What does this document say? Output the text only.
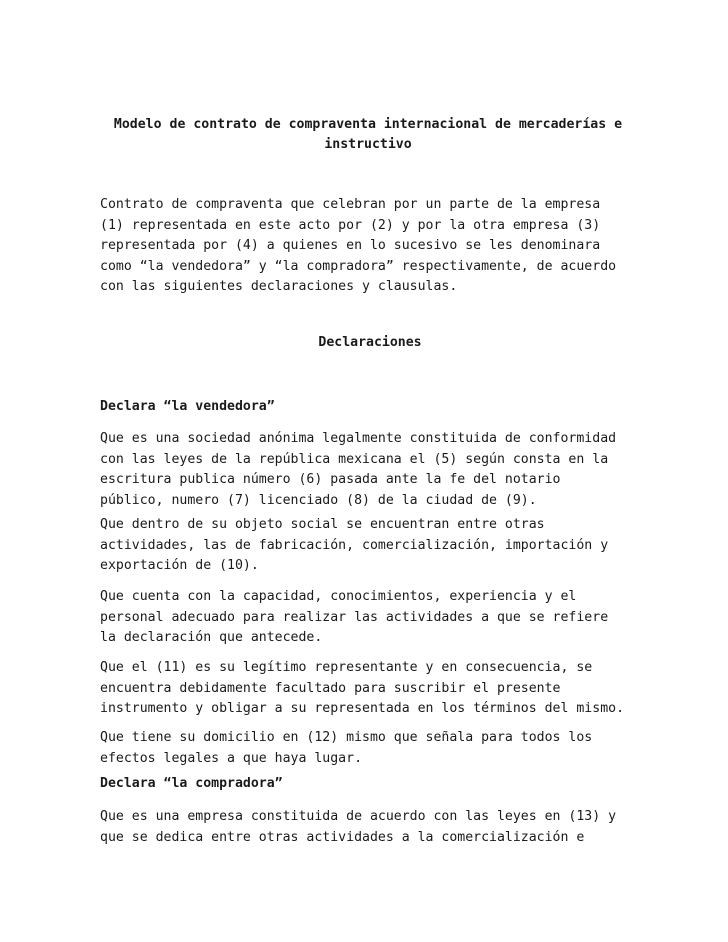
Modelo de contrato de compraventa internacional de mercaderías e
instructivo

Contrato de compraventa que celebran por un parte de la empresa
(1) representada en este acto por (2) y por la otra empresa (3)
representada por (4) a quienes en lo sucesivo se les denominara
como “la vendedora” y “la compradora” respectivamente, de acuerdo
con las siguientes declaraciones y clausulas.

Declaraciones

Declara “la vendedora”

Que es una sociedad anónima legalmente constituida de conformidad
con las leyes de la república mexicana el (5) según consta en la
escritura publica número (6) pasada ante la fe del notario
público, numero (7) licenciado (8) de la ciudad de (9).

Que dentro de su objeto social se encuentran entre otras
actividades, las de fabricación, comercialización, importación y
exportación de (10).

Que cuenta con la capacidad, conocimientos, experiencia y el
personal adecuado para realizar las actividades a que se refiere
la declaración que antecede.

Que el (11) es su legítimo representante y en consecuencia, se
encuentra debidamente facultado para suscribir el presente
instrumento y obligar a su representada en los términos del mismo.

Que tiene su domicilio en (12) mismo que señala para todos los
efectos legales a que haya lugar.

Declara “la compradora”

Que es una empresa constituida de acuerdo con las leyes en (13) y
que se dedica entre otras actividades a la comercialización e
